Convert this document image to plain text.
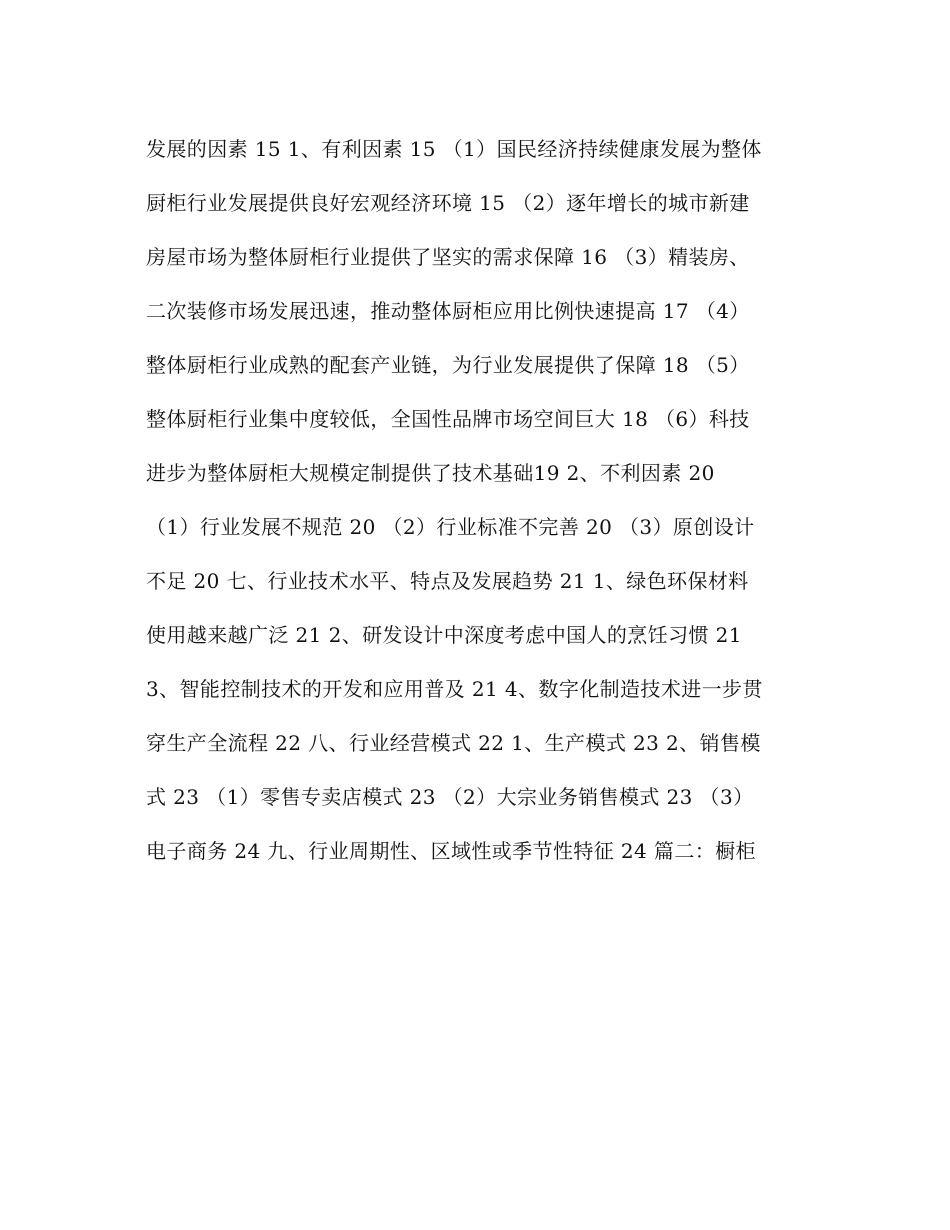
发展的因素 15 1、有利因素 15 （1）国民经济持续健康发展为整体
厨柜行业发展提供良好宏观经济环境 15 （2）逐年增长的城市新建
房屋市场为整体厨柜行业提供了坚实的需求保障 16 （3）精装房、
二次装修市场发展迅速，推动整体厨柜应用比例快速提高 17 （4）
整体厨柜行业成熟的配套产业链，为行业发展提供了保障 18 （5）
整体厨柜行业集中度较低，全国性品牌市场空间巨大 18 （6）科技
进步为整体厨柜大规模定制提供了技术基础19 2、不利因素 20
（1）行业发展不规范 20 （2）行业标准不完善 20 （3）原创设计
不足 20 七、行业技术水平、特点及发展趋势 21 1、绿色环保材料
使用越来越广泛 21 2、研发设计中深度考虑中国人的烹饪习惯 21
3、智能控制技术的开发和应用普及 21 4、数字化制造技术进一步贯
穿生产全流程 22 八、行业经营模式 22 1、生产模式 23 2、销售模
式 23 （1）零售专卖店模式 23 （2）大宗业务销售模式 23 （3）
电子商务 24 九、行业周期性、区域性或季节性特征 24 篇二：橱柜
